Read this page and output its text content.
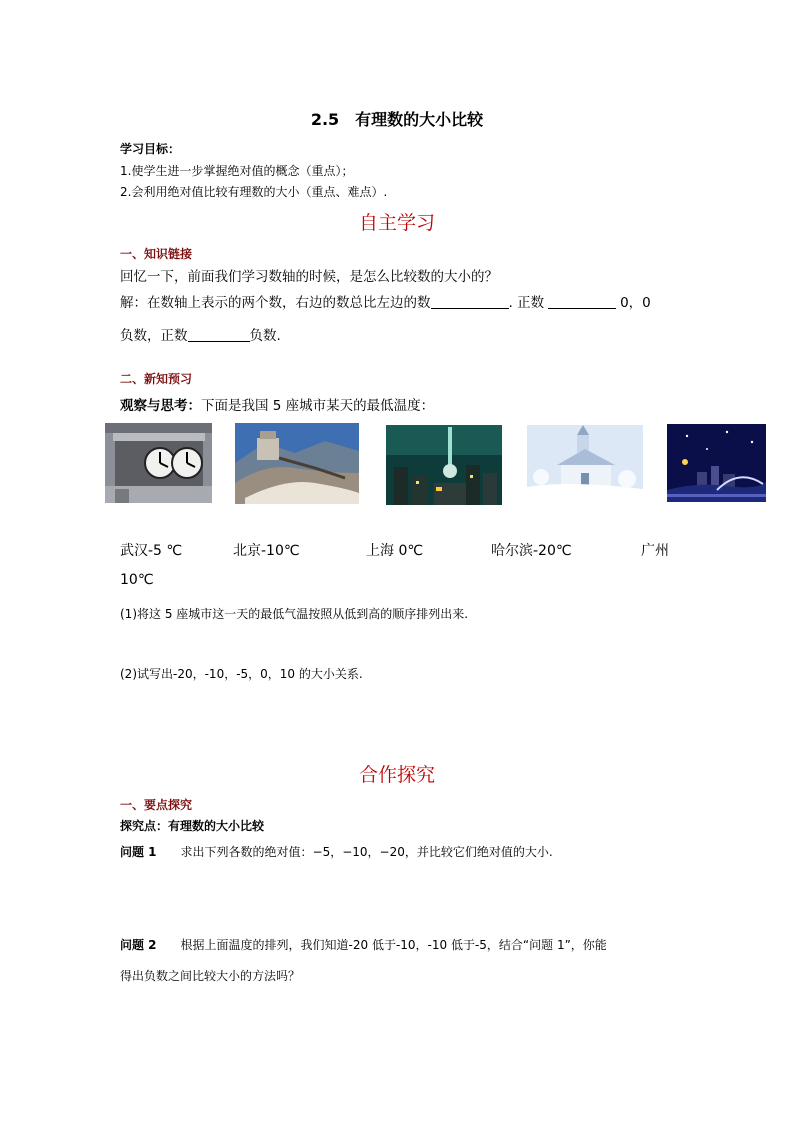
2.5　有理数的大小比较
学习目标：
1.使学生进一步掌握绝对值的概念（重点）；
2.会利用绝对值比较有理数的大小（重点、难点）.
自主学习
一、知识链接
回忆一下，前面我们学习数轴的时候，是怎么比较数的大小的？
解：在数轴上表示的两个数，右边的数总比左边的数	. 正数	0，0
负数，正数	负数.
二、新知预习
观察与思考：下面是我国 5 座城市某天的最低温度：
武汉-5 ℃	北京-10℃	上海 0℃	哈尔滨-20℃	广州
10℃
(1)将这 5 座城市这一天的最低气温按照从低到高的顺序排列出来.
(2)试写出-20，-10，-5，0，10 的大小关系.
合作探究
一、要点探究
探究点：有理数的大小比较
问题 1 求出下列各数的绝对值：−5，−10，−20，并比较它们绝对值的大小.
问题 2 根据上面温度的排列，我们知道-20 低于-10，-10 低于-5，结合“问题 1”，你能
得出负数之间比较大小的方法吗？
